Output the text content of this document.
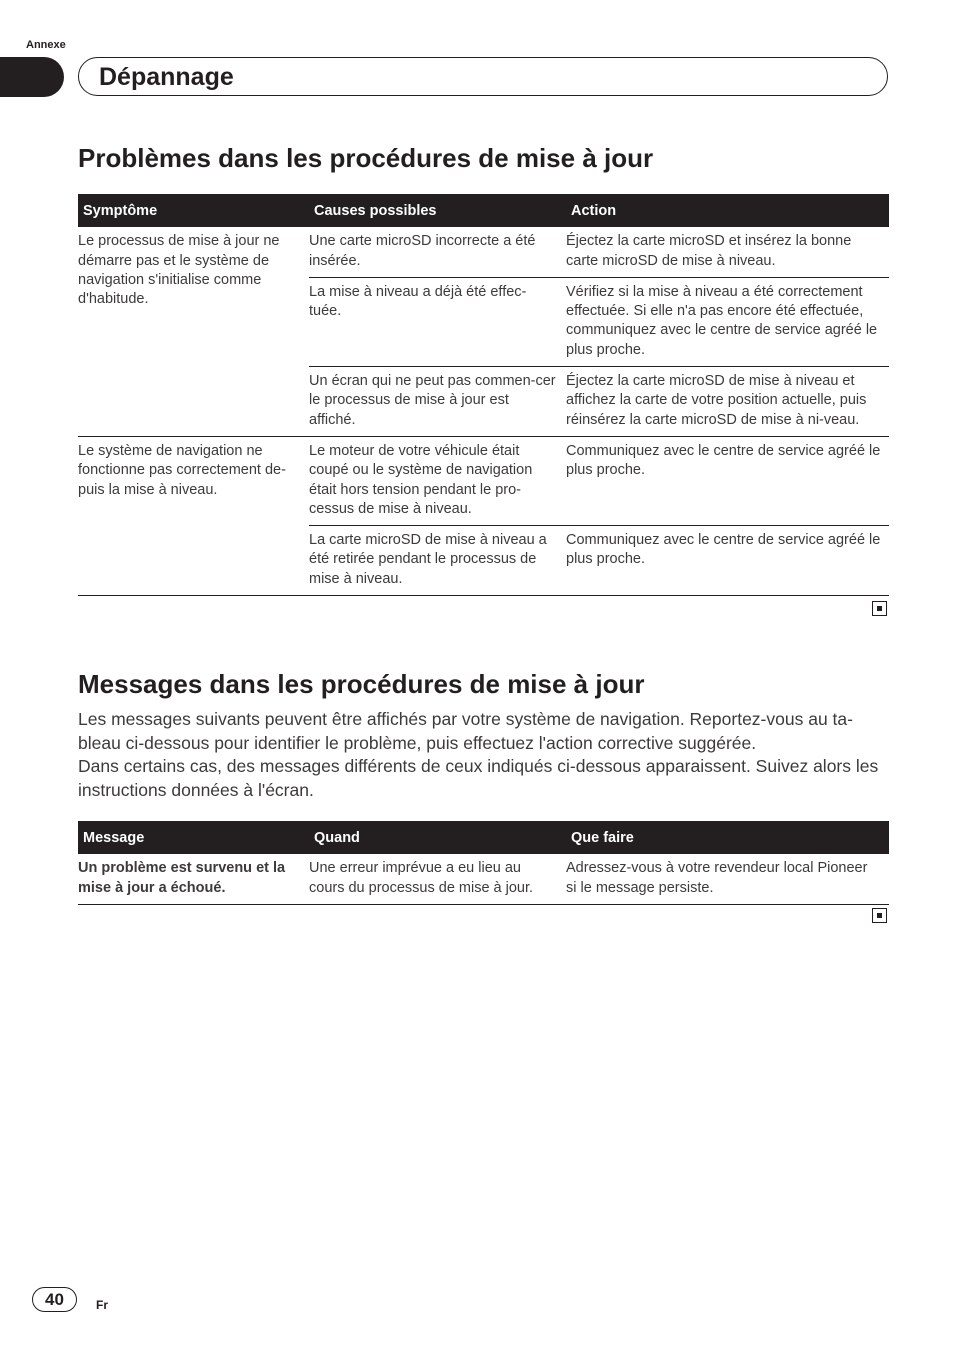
Annexe
Dépannage
Problèmes dans les procédures de mise à jour
Symptôme	Causes possibles	Action
Le processus de mise à jour ne démarre pas et le système de navigation s'initialise comme d'habitude.	Une carte microSD incorrecte a été insérée.	Éjectez la carte microSD et insérez la bonne carte microSD de mise à niveau.
	La mise à niveau a déjà été effec-tuée.	Vérifiez si la mise à niveau a été correctement effectuée. Si elle n'a pas encore été effectuée, communiquez avec le centre de service agréé le plus proche.
	Un écran qui ne peut pas commen-cer le processus de mise à jour est affiché.	Éjectez la carte microSD de mise à niveau et affichez la carte de votre position actuelle, puis réinsérez la carte microSD de mise à ni-veau.
Le système de navigation ne fonctionne pas correctement de-puis la mise à niveau.	Le moteur de votre véhicule était coupé ou le système de navigation était hors tension pendant le pro-cessus de mise à niveau.	Communiquez avec le centre de service agréé le plus proche.
	La carte microSD de mise à niveau a été retirée pendant le processus de mise à niveau.	Communiquez avec le centre de service agréé le plus proche.
Messages dans les procédures de mise à jour

Les messages suivants peuvent être affichés par votre système de navigation. Reportez-vous au ta-bleau ci-dessous pour identifier le problème, puis effectuez l'action corrective suggérée.

Dans certains cas, des messages différents de ceux indiqués ci-dessous apparaissent. Suivez alors les instructions données à l'écran.

Message	Quand	Que faire
Un problème est survenu et la mise à jour a échoué.	Une erreur imprévue a eu lieu au cours du processus de mise à jour.	Adressez-vous à votre revendeur local Pioneer si le message persiste.
40	Fr
